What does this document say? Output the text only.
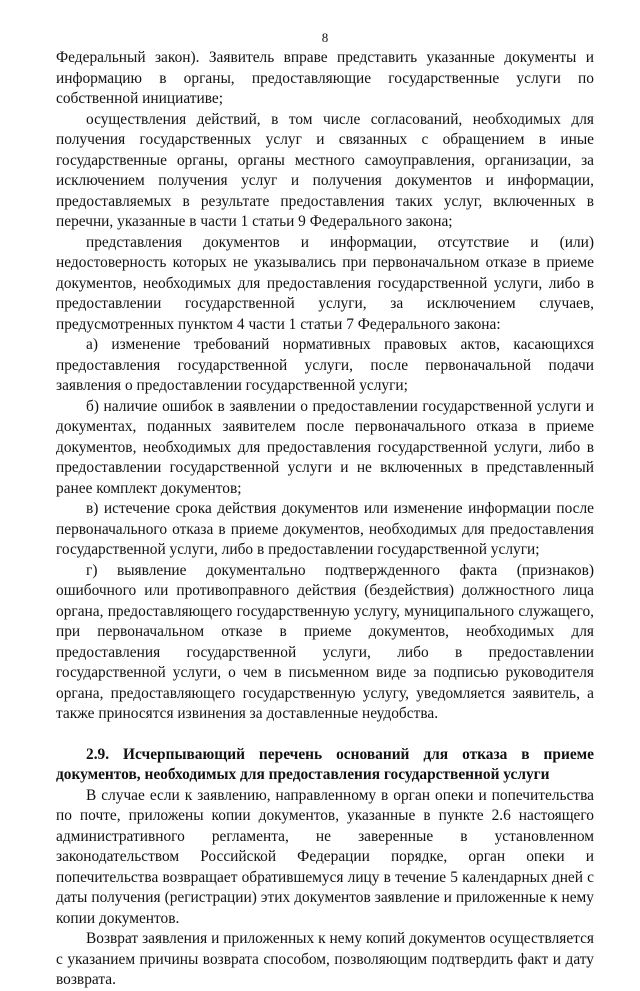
8

Федеральный закон). Заявитель вправе представить указанные документы и информацию в органы, предоставляющие государственные услуги по собственной инициативе;

осуществления действий, в том числе согласований, необходимых для получения государственных услуг и связанных с обращением в иные государственные органы, органы местного самоуправления, организации, за исключением получения услуг и получения документов и информации, предоставляемых в результате предоставления таких услуг, включенных в перечни, указанные в части 1 статьи 9 Федерального закона;

представления документов и информации, отсутствие и (или) недостоверность которых не указывались при первоначальном отказе в приеме документов, необходимых для предоставления государственной услуги, либо в предоставлении государственной услуги, за исключением случаев, предусмотренных пунктом 4 части 1 статьи 7 Федерального закона:

а) изменение требований нормативных правовых актов, касающихся предоставления государственной услуги, после первоначальной подачи заявления о предоставлении государственной услуги;

б) наличие ошибок в заявлении о предоставлении государственной услуги и документах, поданных заявителем после первоначального отказа в приеме документов, необходимых для предоставления государственной услуги, либо в предоставлении государственной услуги и не включенных в представленный ранее комплект документов;

в) истечение срока действия документов или изменение информации после первоначального отказа в приеме документов, необходимых для предоставления государственной услуги, либо в предоставлении государственной услуги;

г) выявление документально подтвержденного факта (признаков) ошибочного или противоправного действия (бездействия) должностного лица органа, предоставляющего государственную услугу, муниципального служащего, при первоначальном отказе в приеме документов, необходимых для предоставления государственной услуги, либо в предоставлении государственной услуги, о чем в письменном виде за подписью руководителя органа, предоставляющего государственную услугу, уведомляется заявитель, а также приносятся извинения за доставленные неудобства.

2.9. Исчерпывающий перечень оснований для отказа в приеме документов, необходимых для предоставления государственной услуги

В случае если к заявлению, направленному в орган опеки и попечительства по почте, приложены копии документов, указанные в пункте 2.6 настоящего административного регламента, не заверенные в установленном законодательством Российской Федерации порядке, орган опеки и попечительства возвращает обратившемуся лицу в течение 5 календарных дней с даты получения (регистрации) этих документов заявление и приложенные к нему копии документов.

Возврат заявления и приложенных к нему копий документов осуществляется с указанием причины возврата способом, позволяющим подтвердить факт и дату возврата.
